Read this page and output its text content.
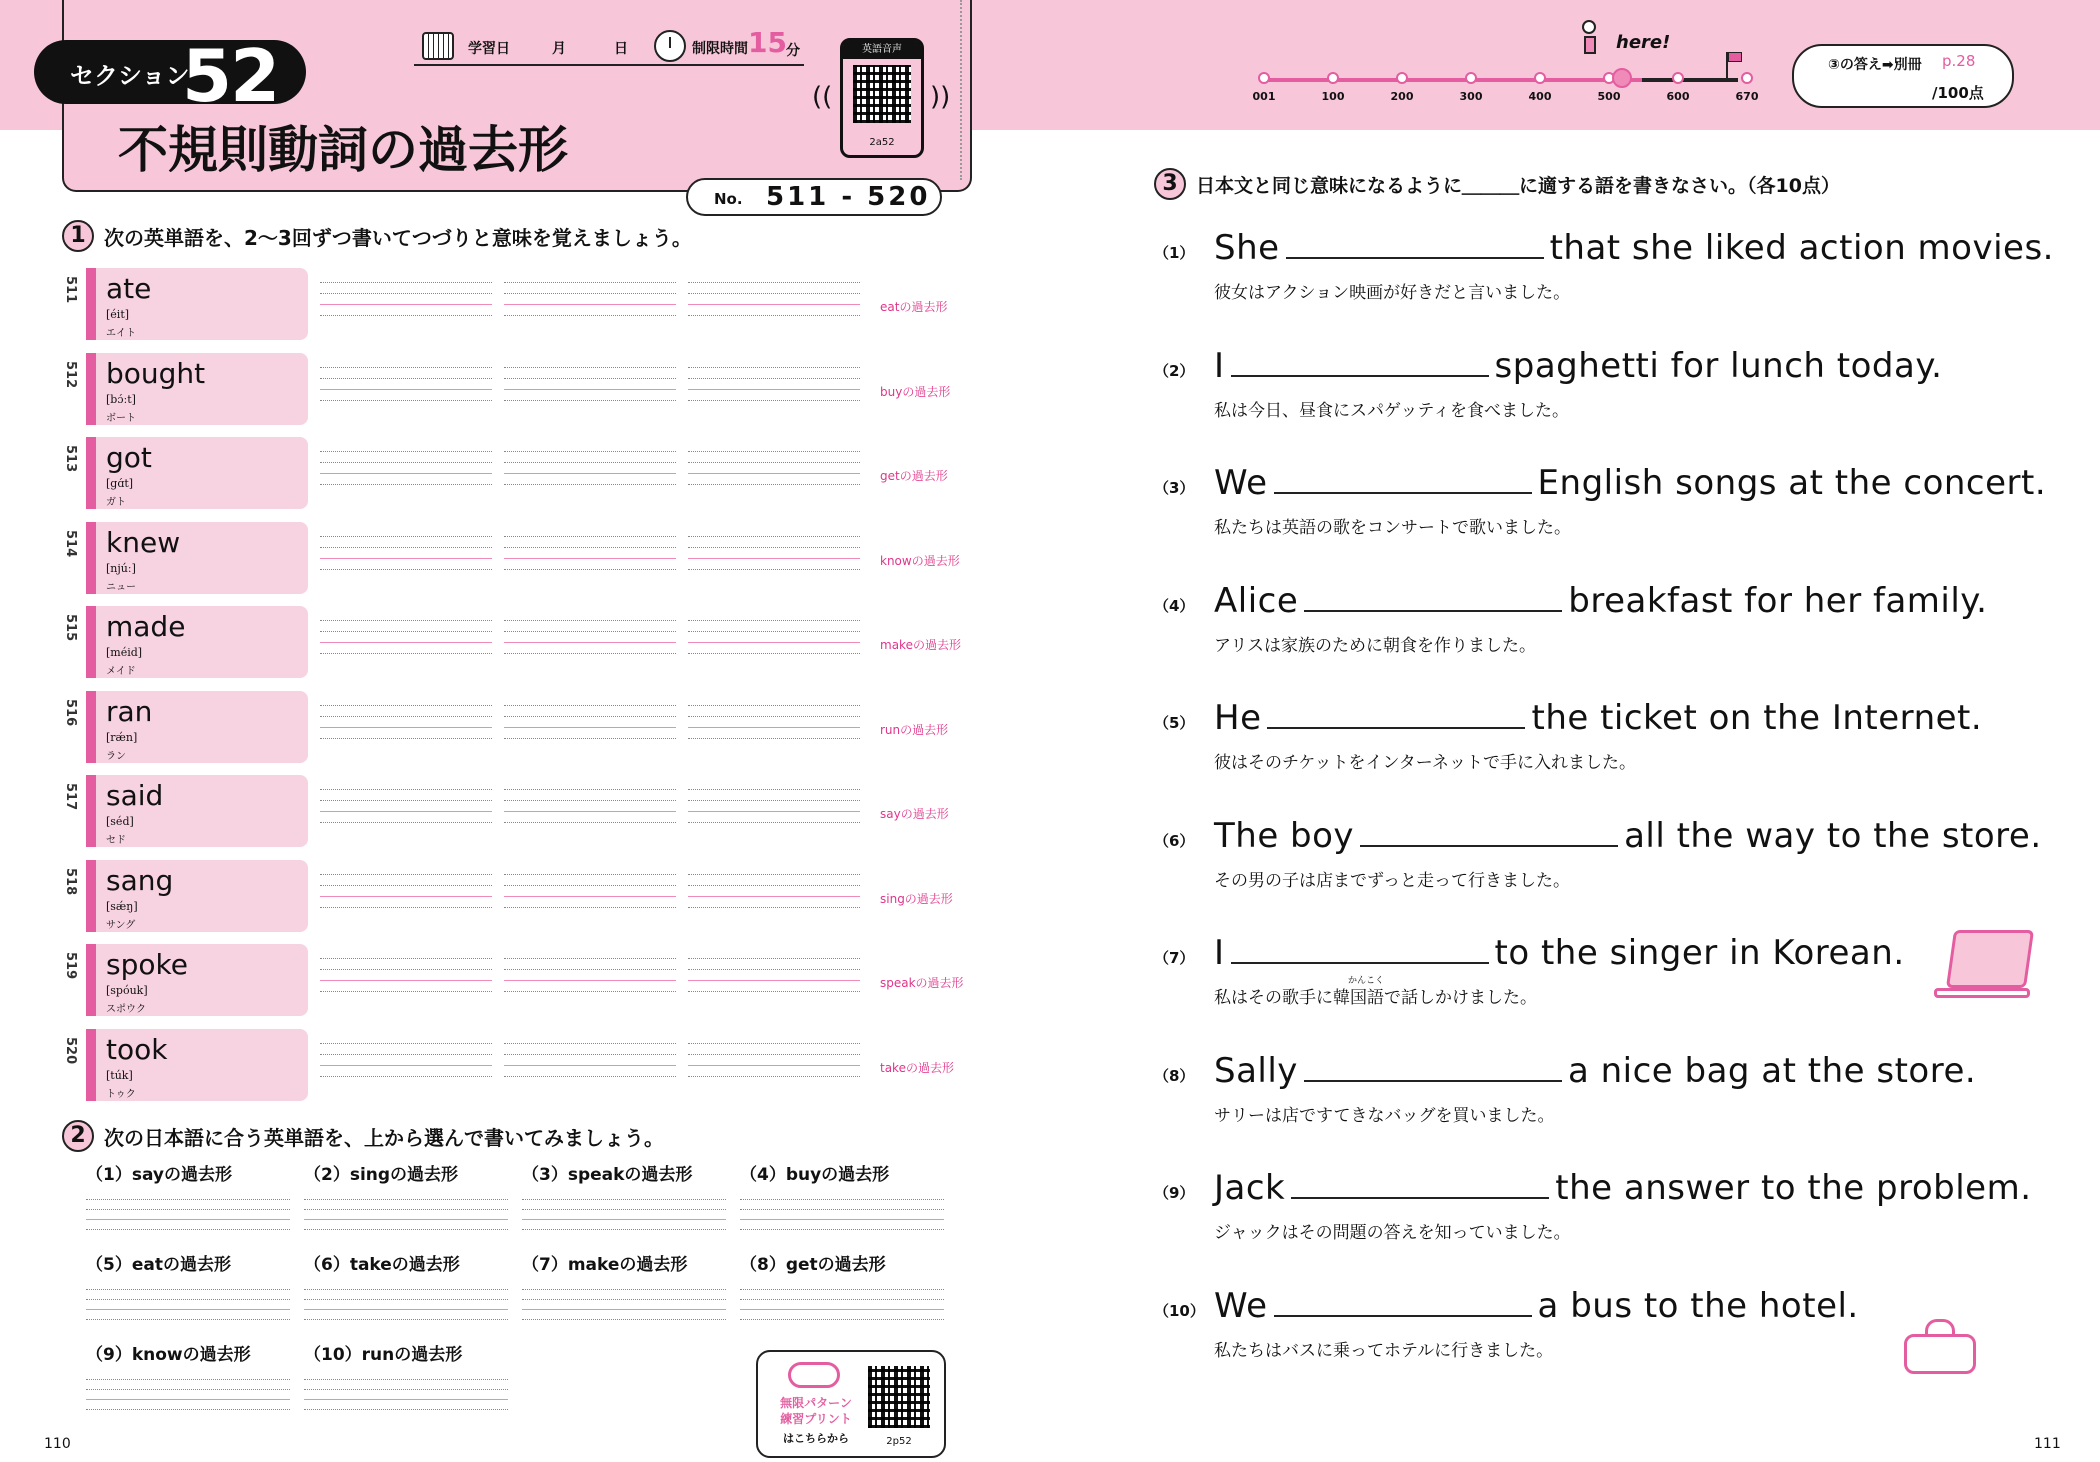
セクション
52
不規則動詞の過去形
学習日	月	日	制限時間 15 分
((	))
英語音声
2a52
No. 511 - 520
1 次の英単語を、2〜3回ずつ書いてつづりと意味を覚えましょう。
511 ate
[éit]
エイト
eatの過去形
512 bought
[bɔ́ːt]
ボート
buyの過去形
513 got
[gɑ́t]
ガト
getの過去形
514 knew
[njúː]
ニュー
knowの過去形
515 made
[méid]
メイド
makeの過去形
516 ran
[rǽn]
ラン
runの過去形
517 said
[séd]
セド
sayの過去形
518 sang
[sǽŋ]
サング
singの過去形
519 spoke
[spóuk]
スポウク
speakの過去形
520 took
[túk]
トゥク
takeの過去形
2 次の日本語に合う英単語を、上から選んで書いてみましょう。
（1）sayの過去形	（2）singの過去形	（3）speakの過去形	（4）buyの過去形
（5）eatの過去形	（6）takeの過去形	（7）makeの過去形	（8）getの過去形
（9）knowの過去形	（10）runの過去形
無限パターン
練習プリント
はこちらから	2p52
110	111
001	100	200	300	400	500	600	670
here!
③の答え➡別冊 p.28
/100点
3 日本文と同じ意味になるように＿＿＿に適する語を書きなさい。（各10点）
（1） She	that she liked action movies.
彼女はアクション映画が好きだと言いました。
（2） I	spaghetti for lunch today.
私は今日、昼食にスパゲッティを食べました。
（3） We	English songs at the concert.
私たちは英語の歌をコンサートで歌いました。
（4） Alice	breakfast for her family.
アリスは家族のために朝食を作りました。
（5） He	the ticket on the Internet.
彼はそのチケットをインターネットで手に入れました。
（6） The boy	all the way to the store.
その男の子は店までずっと走って行きました。
（7） I	to the singer in Korean.
かんこく
私はその歌手に韓国語で話しかけました。
（8） Sally	a nice bag at the store.
サリーは店ですてきなバッグを買いました。
（9） Jack	the answer to the problem.
ジャックはその問題の答えを知っていました。
（10） We	a bus to the hotel.
私たちはバスに乗ってホテルに行きました。
